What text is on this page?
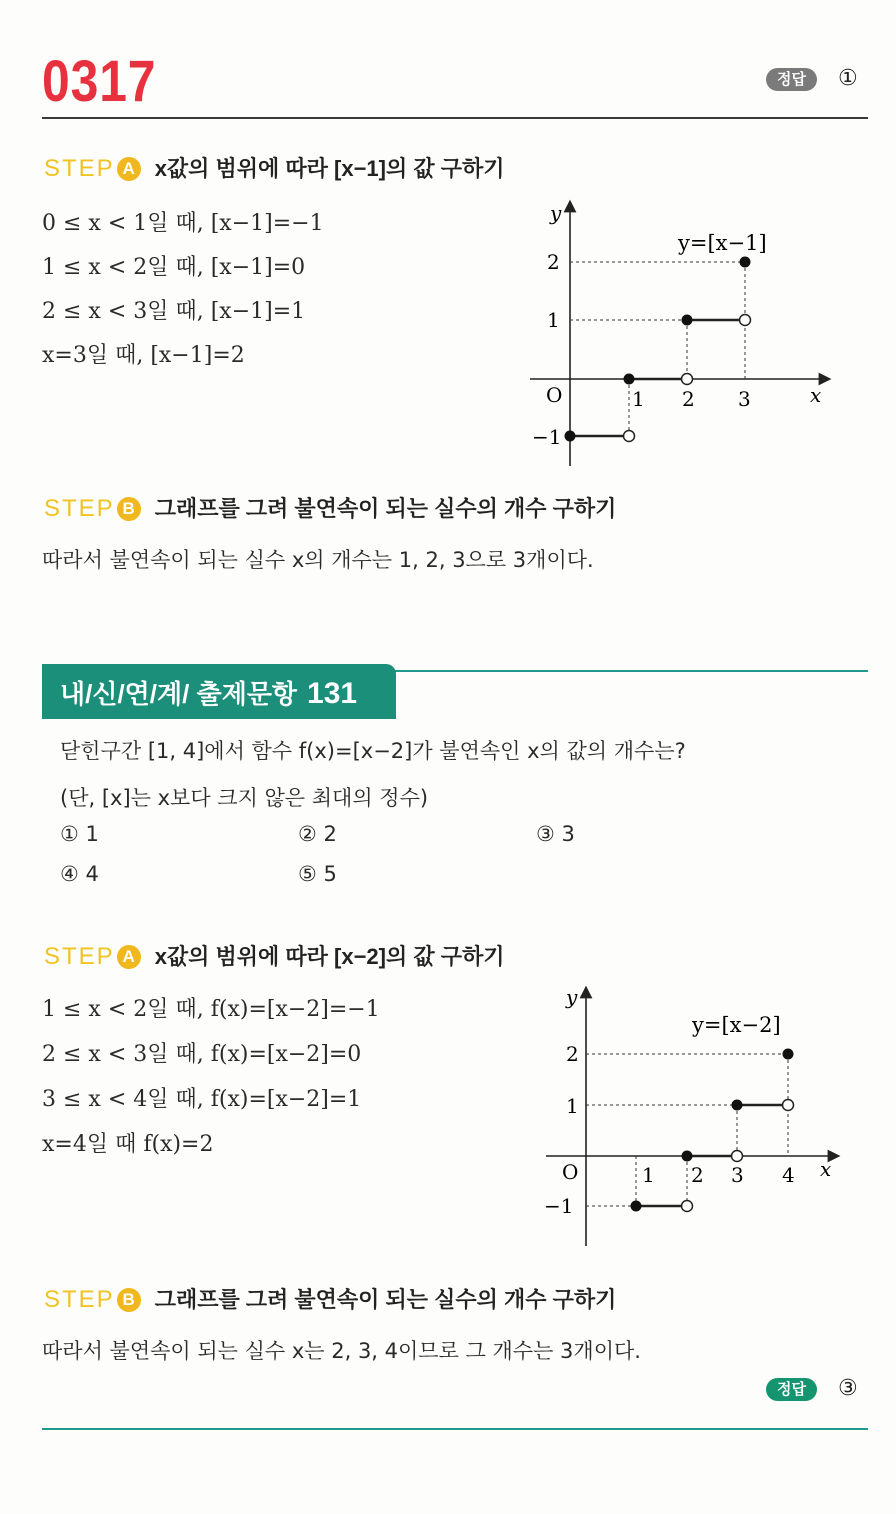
0317	정답	①
STEP A x값의 범위에 따라 [x−1]의 값 구하기
0 ≤ x < 1일 때, [x−1]=−1
1 ≤ x < 2일 때, [x−1]=0
2 ≤ x < 3일 때, [x−1]=1
x=3일 때, [x−1]=2
y
x
O	1 2 3
2
1
−1
y=[x−1]
STEP B 그래프를 그려 불연속이 되는 실수의 개수 구하기
따라서 불연속이 되는 실수 x의 개수는 1, 2, 3으로 3개이다.
내/신/연/계/ 출제문항 131
닫힌구간 [1, 4]에서 함수 f(x)=[x−2]가 불연속인 x의 값의 개수는?
(단, [x]는 x보다 크지 않은 최대의 정수)
① 1	② 2	③ 3
④ 4	⑤ 5
STEP A x값의 범위에 따라 [x−2]의 값 구하기
1 ≤ x < 2일 때, f(x)=[x−2]=−1
2 ≤ x < 3일 때, f(x)=[x−2]=0
3 ≤ x < 4일 때, f(x)=[x−2]=1
x=4일 때 f(x)=2
y
x
O	1 2 3 4
2
1
−1
y=[x−2]
STEP B 그래프를 그려 불연속이 되는 실수의 개수 구하기
따라서 불연속이 되는 실수 x는 2, 3, 4이므로 그 개수는 3개이다.
정답	③
